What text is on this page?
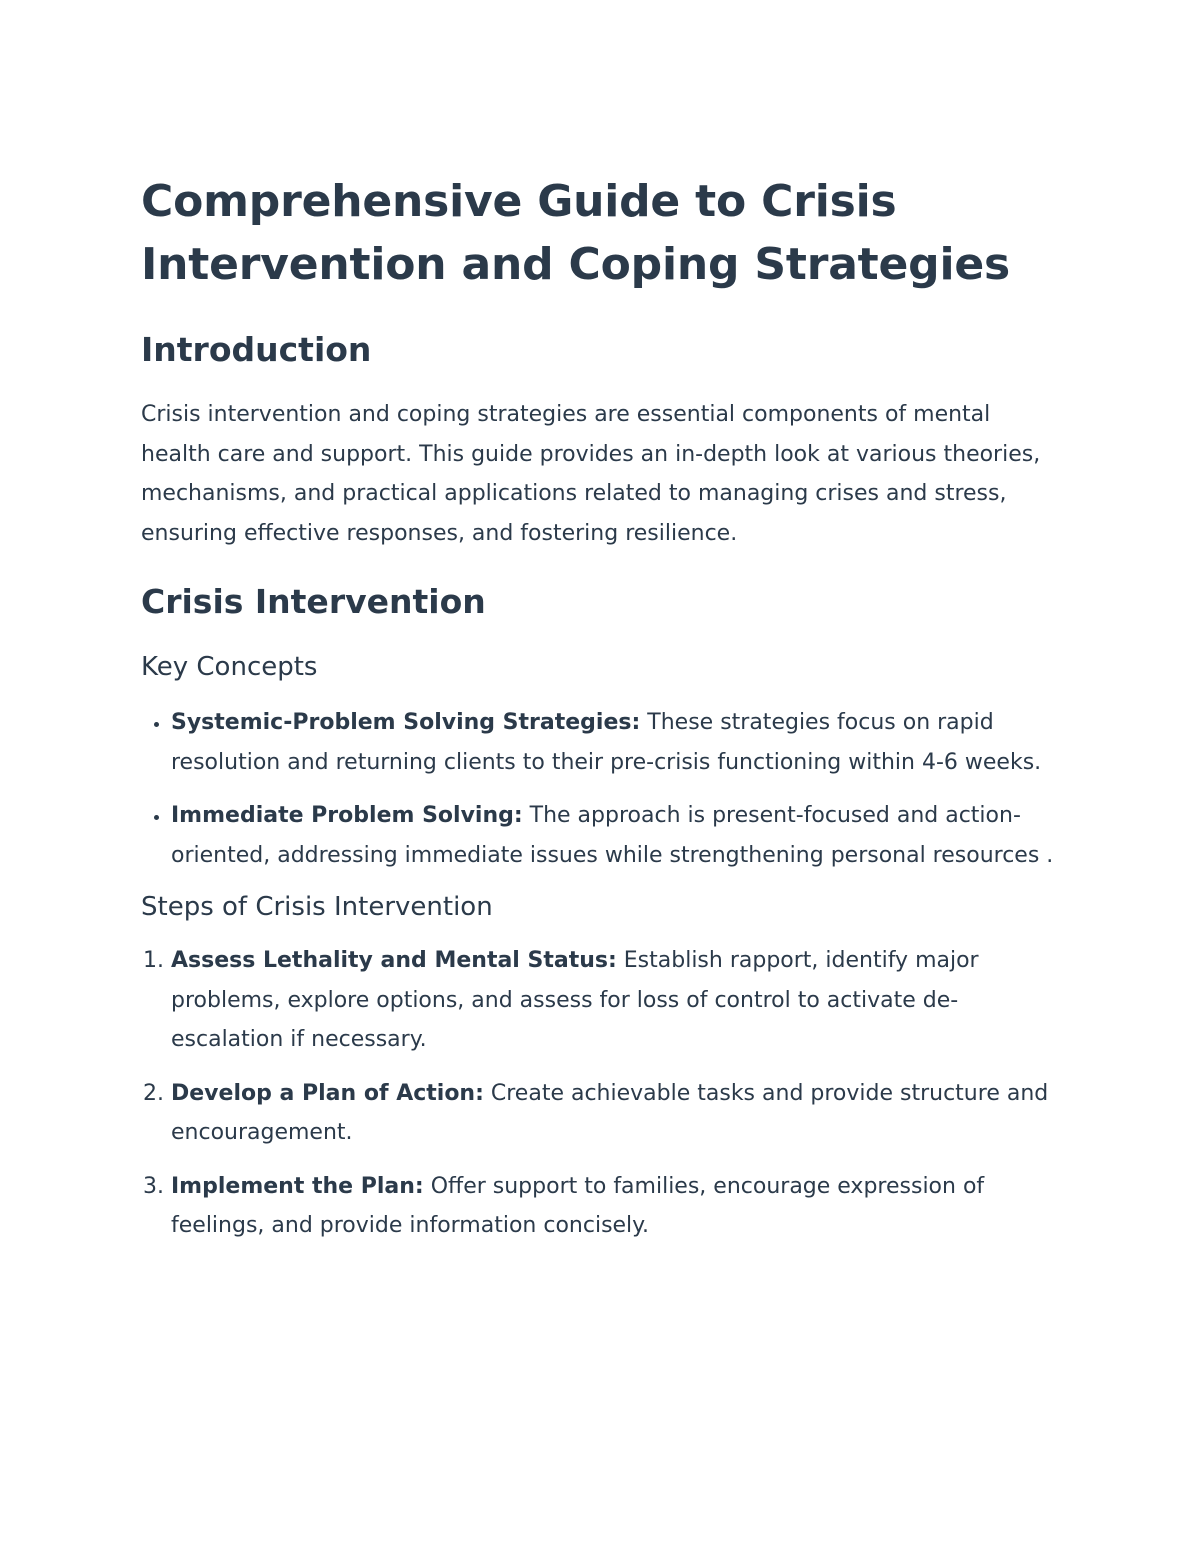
Comprehensive Guide to Crisis Intervention and Coping Strategies
Introduction

Crisis intervention and coping strategies are essential components of mental health care and support. This guide provides an in-depth look at various theories, mechanisms, and practical applications related to managing crises and stress, ensuring effective responses, and fostering resilience.

Crisis Intervention
Key Concepts
• Systemic-Problem Solving Strategies: These strategies focus on rapid resolution and returning clients to their pre-crisis functioning within 4-6 weeks.
• Immediate Problem Solving: The approach is present-focused and action-oriented, addressing immediate issues while strengthening personal resources .
Steps of Crisis Intervention
1. Assess Lethality and Mental Status: Establish rapport, identify major problems, explore options, and assess for loss of control to activate de-escalation if necessary.
2. Develop a Plan of Action: Create achievable tasks and provide structure and encouragement.
3. Implement the Plan: Offer support to families, encourage expression of feelings, and provide information concisely.
